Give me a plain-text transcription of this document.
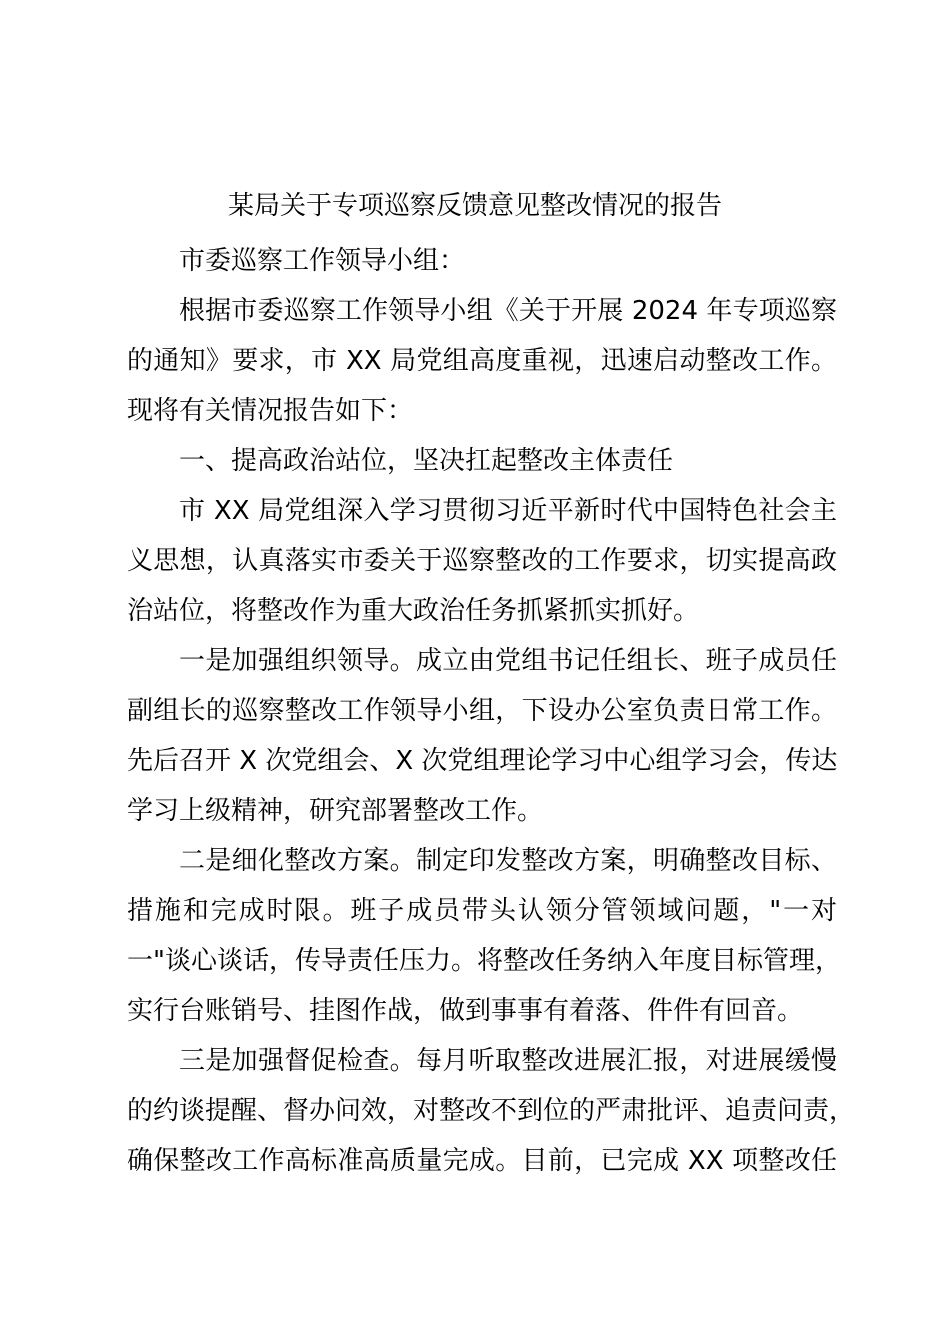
某局关于专项巡察反馈意见整改情况的报告
市委巡察工作领导小组：
根据市委巡察工作领导小组《关于开展 2024 年专项巡察
的通知》要求，市 XX 局党组高度重视，迅速启动整改工作。
现将有关情况报告如下：
一、提高政治站位，坚决扛起整改主体责任
市 XX 局党组深入学习贯彻习近平新时代中国特色社会主
义思想，认真落实市委关于巡察整改的工作要求，切实提高政
治站位，将整改作为重大政治任务抓紧抓实抓好。
一是加强组织领导。成立由党组书记任组长、班子成员任
副组长的巡察整改工作领导小组，下设办公室负责日常工作。
先后召开 X 次党组会、X 次党组理论学习中心组学习会，传达
学习上级精神，研究部署整改工作。
二是细化整改方案。制定印发整改方案，明确整改目标、
措施和完成时限。班子成员带头认领分管领域问题，"一对
一"谈心谈话，传导责任压力。将整改任务纳入年度目标管理，
实行台账销号、挂图作战，做到事事有着落、件件有回音。
三是加强督促检查。每月听取整改进展汇报，对进展缓慢
的约谈提醒、督办问效，对整改不到位的严肃批评、追责问责，
确保整改工作高标准高质量完成。目前，已完成 XX 项整改任
